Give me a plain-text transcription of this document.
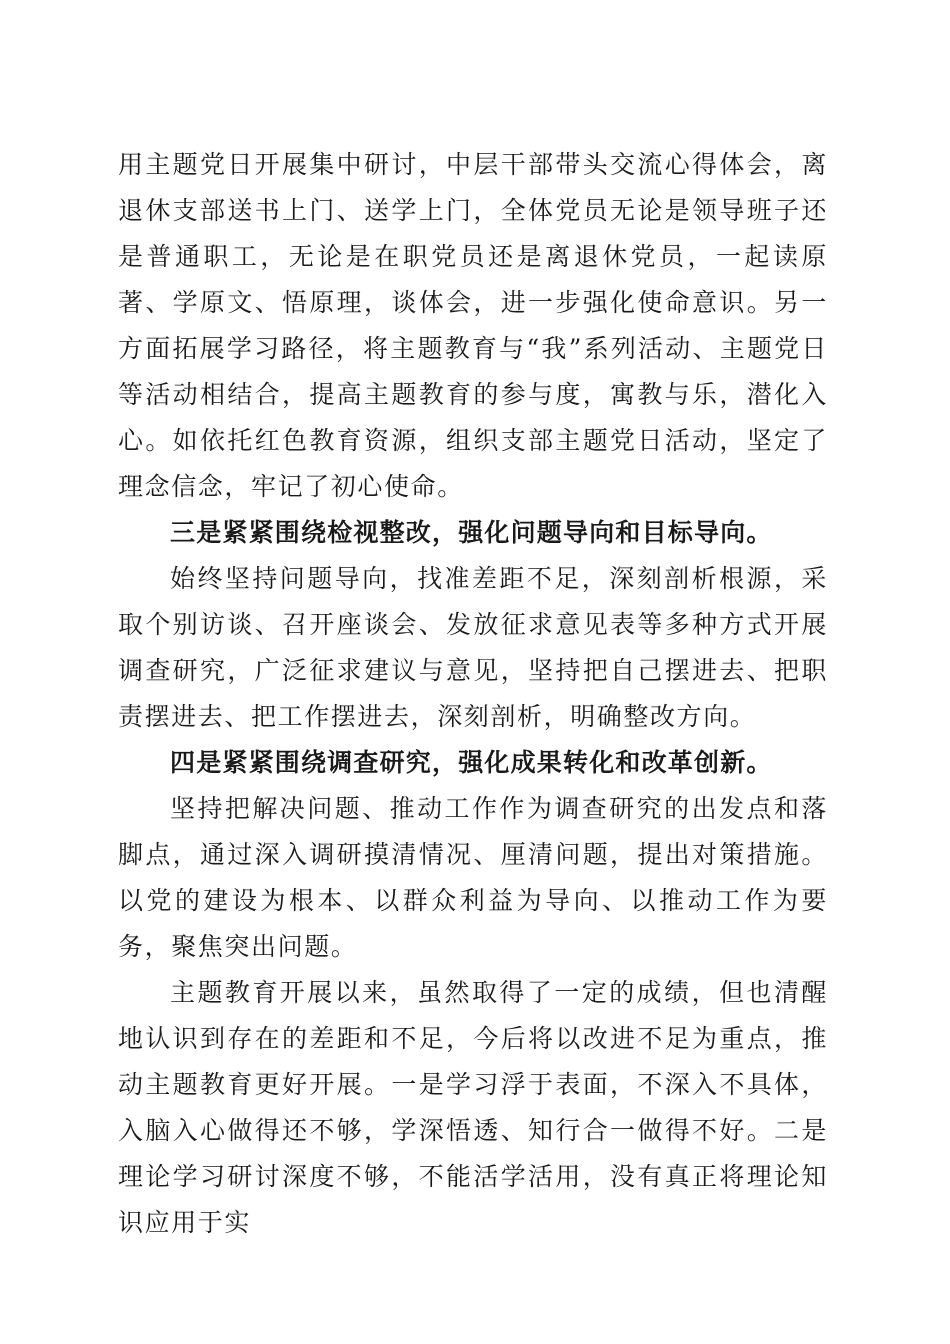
用主题党日开展集中研讨，中层干部带头交流心得体会，离退休支部送书上门、送学上门，全体党员无论是领导班子还是普通职工，无论是在职党员还是离退休党员，一起读原著、学原文、悟原理，谈体会，进一步强化使命意识。另一方面拓展学习路径，将主题教育与“我”系列活动、主题党日等活动相结合，提高主题教育的参与度，寓教与乐，潜化入心。如依托红色教育资源，组织支部主题党日活动，坚定了理念信念，牢记了初心使命。

三是紧紧围绕检视整改，强化问题导向和目标导向。

始终坚持问题导向，找准差距不足，深刻剖析根源，采取个别访谈、召开座谈会、发放征求意见表等多种方式开展调查研究，广泛征求建议与意见，坚持把自己摆进去、把职责摆进去、把工作摆进去，深刻剖析，明确整改方向。

四是紧紧围绕调查研究，强化成果转化和改革创新。

坚持把解决问题、推动工作作为调查研究的出发点和落脚点，通过深入调研摸清情况、厘清问题，提出对策措施。以党的建设为根本、以群众利益为导向、以推动工作为要务，聚焦突出问题。

主题教育开展以来，虽然取得了一定的成绩，但也清醒地认识到存在的差距和不足，今后将以改进不足为重点，推动主题教育更好开展。一是学习浮于表面，不深入不具体，入脑入心做得还不够，学深悟透、知行合一做得不好。二是理论学习研讨深度不够，不能活学活用，没有真正将理论知识应用于实
